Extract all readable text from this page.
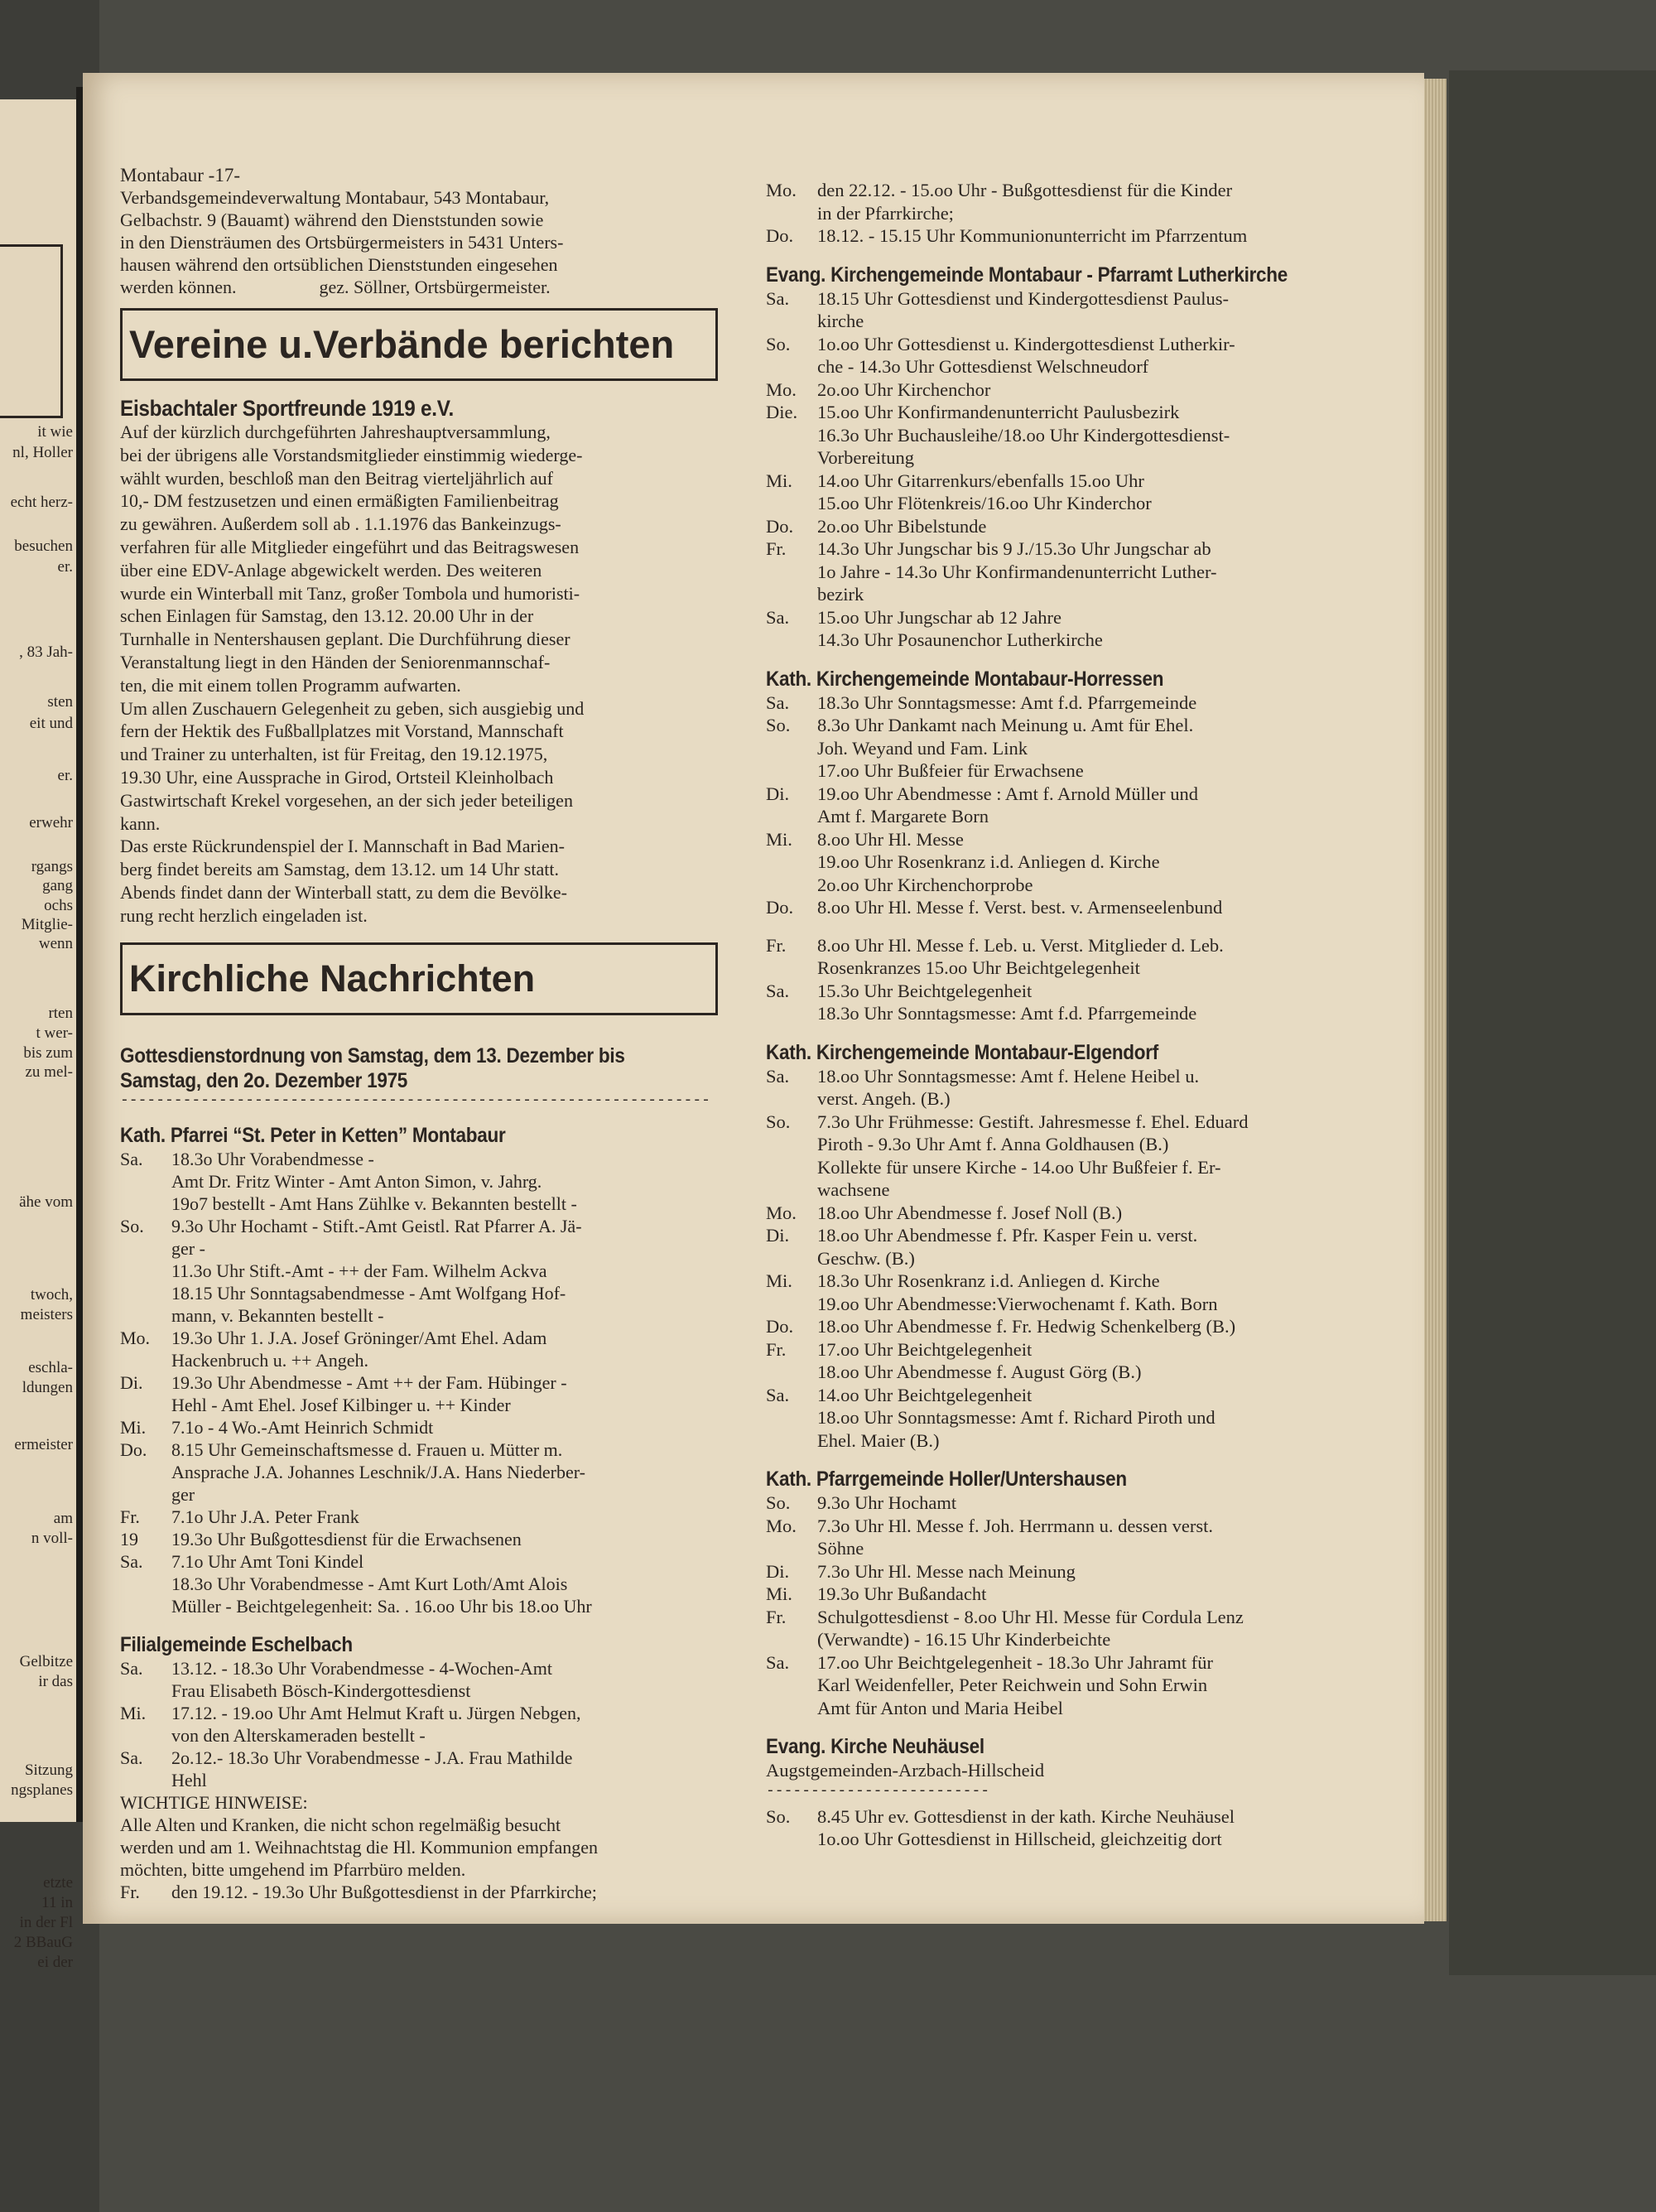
it wie
nl, Holler
echt herz-
besuchen
er.
, 83 Jah-
sten
eit und
er.
erwehr
rgangs
gang
ochs
Mitglie-
wenn
rten
t wer-
bis zum
zu mel-
ähe vom
twoch,
meisters
eschla-
ldungen
ermeister
am
n voll-
Gelbitze
ir das
Sitzung
ngsplanes
etzte
11 in
in der Fl
2 BBauG
ei der

Montabaur -17-

Verbandsgemeindeverwaltung Montabaur, 543 Montabaur,

Gelbachstr. 9 (Bauamt) während den Dienststunden sowie

in den Diensträumen des Ortsbürgermeisters in 5431 Unters-

hausen während den ortsüblichen Dienststunden eingesehen

werden können.	gez. Söllner, Ortsbürgermeister.

Vereine u.Verbände berichten
Eisbachtaler Sportfreunde 1919 e.V.

Auf der kürzlich durchgeführten Jahreshauptversammlung,

bei der übrigens alle Vorstandsmitglieder einstimmig wiederge-

wählt wurden, beschloß man den Beitrag vierteljährlich auf

10,- DM festzusetzen und einen ermäßigten Familienbeitrag

zu gewähren. Außerdem soll ab . 1.1.1976 das Bankeinzugs-

verfahren für alle Mitglieder eingeführt und das Beitragswesen

über eine EDV-Anlage abgewickelt werden. Des weiteren

wurde ein Winterball mit Tanz, großer Tombola und humoristi-

schen Einlagen für Samstag, den 13.12. 20.00 Uhr in der

Turnhalle in Nentershausen geplant. Die Durchführung dieser

Veranstaltung liegt in den Händen der Seniorenmannschaf-

ten, die mit einem tollen Programm aufwarten.

Um allen Zuschauern Gelegenheit zu geben, sich ausgiebig und

fern der Hektik des Fußballplatzes mit Vorstand, Mannschaft

und Trainer zu unterhalten, ist für Freitag, den 19.12.1975,

19.30 Uhr, eine Aussprache in Girod, Ortsteil Kleinholbach

Gastwirtschaft Krekel vorgesehen, an der sich jeder beteiligen

kann.

Das erste Rückrundenspiel der I. Mannschaft in Bad Marien-

berg findet bereits am Samstag, dem 13.12. um 14 Uhr statt.

Abends findet dann der Winterball statt, zu dem die Bevölke-

rung recht herzlich eingeladen ist.

Kirchliche Nachrichten
Gottesdienstordnung von Samstag, dem 13. Dezember bis
Samstag, den 2o. Dezember 1975
------------------------------------------------------------------
Kath. Pfarrei “St. Peter in Ketten” Montabaur
Sa.	18.3o Uhr Vorabendmesse -
Amt Dr. Fritz Winter - Amt Anton Simon, v. Jahrg.
19o7 bestellt - Amt Hans Zühlke v. Bekannten bestellt -
So.	9.3o Uhr Hochamt - Stift.-Amt Geistl. Rat Pfarrer A. Jä-
ger -
11.3o Uhr Stift.-Amt - ++ der Fam. Wilhelm Ackva
18.15 Uhr Sonntagsabendmesse - Amt Wolfgang Hof-
mann, v. Bekannten bestellt -
Mo.	19.3o Uhr 1. J.A. Josef Gröninger/Amt Ehel. Adam
Hackenbruch u. ++ Angeh.
Di.	19.3o Uhr Abendmesse - Amt ++ der Fam. Hübinger -
Hehl - Amt Ehel. Josef Kilbinger u. ++ Kinder
Mi.	7.1o - 4 Wo.-Amt Heinrich Schmidt
Do.	8.15 Uhr Gemeinschaftsmesse d. Frauen u. Mütter m.
Ansprache J.A. Johannes Leschnik/J.A. Hans Niederber-
ger
Fr.	7.1o Uhr J.A. Peter Frank
19	19.3o Uhr Bußgottesdienst für die Erwachsenen
Sa.	7.1o Uhr Amt Toni Kindel
18.3o Uhr Vorabendmesse - Amt Kurt Loth/Amt Alois
Müller - Beichtgelegenheit: Sa. . 16.oo Uhr bis 18.oo Uhr
Filialgemeinde Eschelbach
Sa.	13.12. - 18.3o Uhr Vorabendmesse - 4-Wochen-Amt
Frau Elisabeth Bösch-Kindergottesdienst
Mi.	17.12. - 19.oo Uhr Amt Helmut Kraft u. Jürgen Nebgen,
von den Alterskameraden bestellt -
Sa.	2o.12.- 18.3o Uhr Vorabendmesse - J.A. Frau Mathilde
Hehl

WICHTIGE HINWEISE:

Alle Alten und Kranken, die nicht schon regelmäßig besucht

werden und am 1. Weihnachtstag die Hl. Kommunion empfangen

möchten, bitte umgehend im Pfarrbüro melden.

Fr.	den 19.12. - 19.3o Uhr Bußgottesdienst in der Pfarrkirche;
Mo.	den 22.12. - 15.oo Uhr - Bußgottesdienst für die Kinder
in der Pfarrkirche;
Do.	18.12. - 15.15 Uhr Kommunionunterricht im Pfarrzentum
Evang. Kirchengemeinde Montabaur - Pfarramt Lutherkirche
Sa.	18.15 Uhr Gottesdienst und Kindergottesdienst Paulus-
kirche
So.	1o.oo Uhr Gottesdienst u. Kindergottesdienst Lutherkir-
che - 14.3o Uhr Gottesdienst Welschneudorf
Mo.	2o.oo Uhr Kirchenchor
Die.	15.oo Uhr Konfirmandenunterricht Paulusbezirk
16.3o Uhr Buchausleihe/18.oo Uhr Kindergottesdienst-
Vorbereitung
Mi.	14.oo Uhr Gitarrenkurs/ebenfalls 15.oo Uhr
15.oo Uhr Flötenkreis/16.oo Uhr Kinderchor
Do.	2o.oo Uhr Bibelstunde
Fr.	14.3o Uhr Jungschar bis 9 J./15.3o Uhr Jungschar ab
1o Jahre - 14.3o Uhr Konfirmandenunterricht Luther-
bezirk
Sa.	15.oo Uhr Jungschar ab 12 Jahre
14.3o Uhr Posaunenchor Lutherkirche
Kath. Kirchengemeinde Montabaur-Horressen
Sa.	18.3o Uhr Sonntagsmesse: Amt f.d. Pfarrgemeinde
So.	8.3o Uhr Dankamt nach Meinung u. Amt für Ehel.
Joh. Weyand und Fam. Link
17.oo Uhr Bußfeier für Erwachsene
Di.	19.oo Uhr Abendmesse : Amt f. Arnold Müller und
Amt f. Margarete Born
Mi.	8.oo Uhr Hl. Messe
19.oo Uhr Rosenkranz i.d. Anliegen d. Kirche
2o.oo Uhr Kirchenchorprobe
Do.	8.oo Uhr Hl. Messe f. Verst. best. v. Armenseelenbund
Fr.	8.oo Uhr Hl. Messe f. Leb. u. Verst. Mitglieder d. Leb.
Rosenkranzes 15.oo Uhr Beichtgelegenheit
Sa.	15.3o Uhr Beichtgelegenheit
18.3o Uhr Sonntagsmesse: Amt f.d. Pfarrgemeinde
Kath. Kirchengemeinde Montabaur-Elgendorf
Sa.	18.oo Uhr Sonntagsmesse: Amt f. Helene Heibel u.
verst. Angeh. (B.)
So.	7.3o Uhr Frühmesse: Gestift. Jahresmesse f. Ehel. Eduard
Piroth - 9.3o Uhr Amt f. Anna Goldhausen (B.)
Kollekte für unsere Kirche - 14.oo Uhr Bußfeier f. Er-
wachsene
Mo.	18.oo Uhr Abendmesse f. Josef Noll (B.)
Di.	18.oo Uhr Abendmesse f. Pfr. Kasper Fein u. verst.
Geschw. (B.)
Mi.	18.3o Uhr Rosenkranz i.d. Anliegen d. Kirche
19.oo Uhr Abendmesse:Vierwochenamt f. Kath. Born
Do.	18.oo Uhr Abendmesse f. Fr. Hedwig Schenkelberg (B.)
Fr.	17.oo Uhr Beichtgelegenheit
18.oo Uhr Abendmesse f. August Görg (B.)
Sa.	14.oo Uhr Beichtgelegenheit
18.oo Uhr Sonntagsmesse: Amt f. Richard Piroth und
Ehel. Maier (B.)
Kath. Pfarrgemeinde Holler/Untershausen
So.	9.3o Uhr Hochamt
Mo.	7.3o Uhr Hl. Messe f. Joh. Herrmann u. dessen verst.
Söhne
Di.	7.3o Uhr Hl. Messe nach Meinung
Mi.	19.3o Uhr Bußandacht
Fr.	Schulgottesdienst - 8.oo Uhr Hl. Messe für Cordula Lenz
(Verwandte) - 16.15 Uhr Kinderbeichte
Sa.	17.oo Uhr Beichtgelegenheit - 18.3o Uhr Jahramt für
Karl Weidenfeller, Peter Reichwein und Sohn Erwin
Amt für Anton und Maria Heibel
Evang. Kirche Neuhäusel

Augstgemeinden-Arzbach-Hillscheid

-------------------------
So.	8.45 Uhr ev. Gottesdienst in der kath. Kirche Neuhäusel
1o.oo Uhr Gottesdienst in Hillscheid, gleichzeitig dort
